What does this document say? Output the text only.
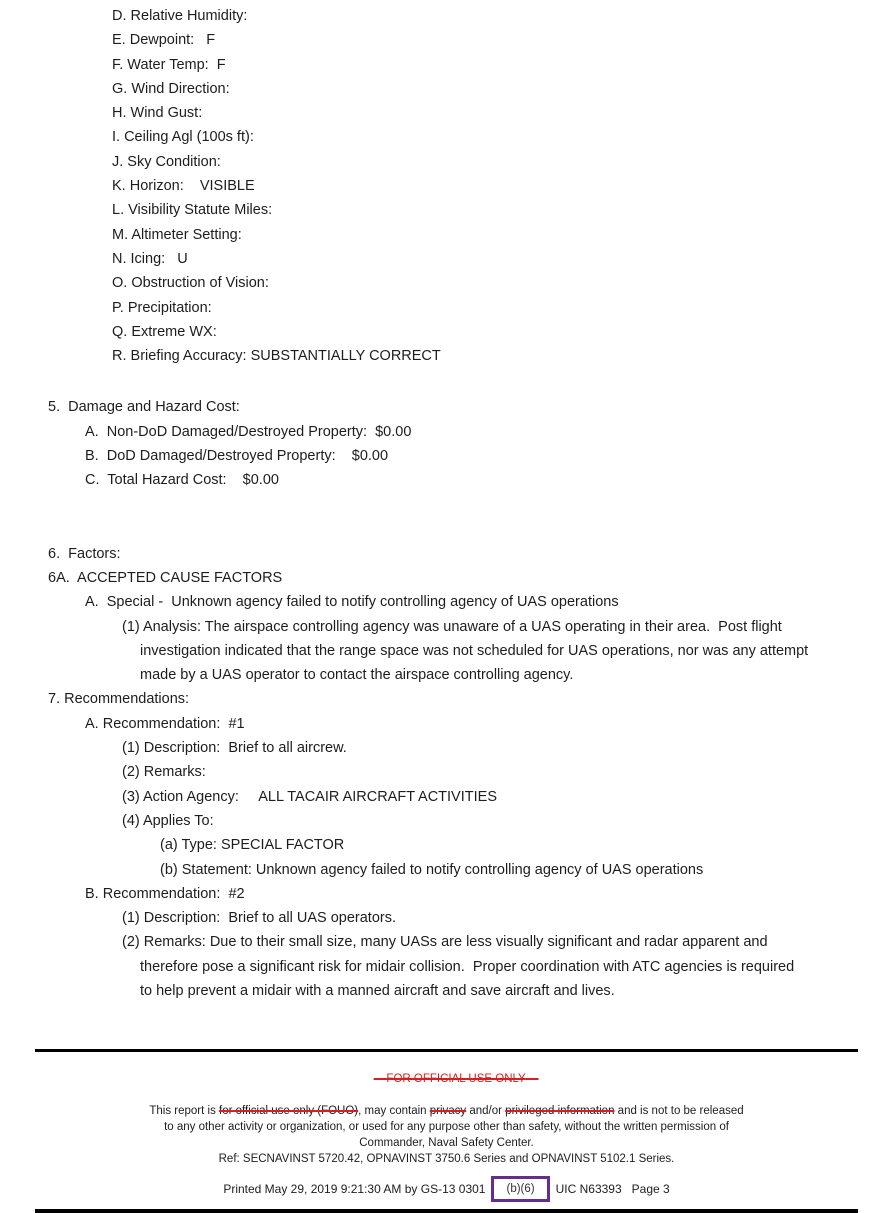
D. Relative Humidity:
E. Dewpoint:   F
F. Water Temp:  F
G. Wind Direction:
H. Wind Gust:
I. Ceiling Agl (100s ft):
J. Sky Condition:
K. Horizon:    VISIBLE
L. Visibility Statute Miles:
M. Altimeter Setting:
N. Icing:   U
O. Obstruction of Vision:
P. Precipitation:
Q. Extreme WX:
R. Briefing Accuracy: SUBSTANTIALLY CORRECT
5.  Damage and Hazard Cost:
A.  Non-DoD Damaged/Destroyed Property:  $0.00
B.  DoD Damaged/Destroyed Property:    $0.00
C.  Total Hazard Cost:    $0.00
6.  Factors:
6A.  ACCEPTED CAUSE FACTORS
A.  Special -  Unknown agency failed to notify controlling agency of UAS operations
(1) Analysis: The airspace controlling agency was unaware of a UAS operating in their area.  Post flight
investigation indicated that the range space was not scheduled for UAS operations, nor was any attempt
made by a UAS operator to contact the airspace controlling agency.
7. Recommendations:
A. Recommendation:  #1
(1) Description:  Brief to all aircrew.
(2) Remarks:
(3) Action Agency:     ALL TACAIR AIRCRAFT ACTIVITIES
(4) Applies To:
(a) Type: SPECIAL FACTOR
(b) Statement: Unknown agency failed to notify controlling agency of UAS operations
B. Recommendation:  #2
(1) Description:  Brief to all UAS operators.
(2) Remarks: Due to their small size, many UASs are less visually significant and radar apparent and
therefore pose a significant risk for midair collision.  Proper coordination with ATC agencies is required
to help prevent a midair with a manned aircraft and save aircraft and lives.

FOR OFFICIAL USE ONLY

This report is for official use only (FOUO), may contain privacy and/or privileged information and is not to be released
to any other activity or organization, or used for any purpose other than safety, without the written permission of
Commander, Naval Safety Center.
Ref: SECNAVINST 5720.42, OPNAVINST 3750.6 Series and OPNAVINST 5102.1 Series.
Printed May 29, 2019 9:21:30 AM by GS-13 0301 (b)(6) UIC N63393   Page 3
